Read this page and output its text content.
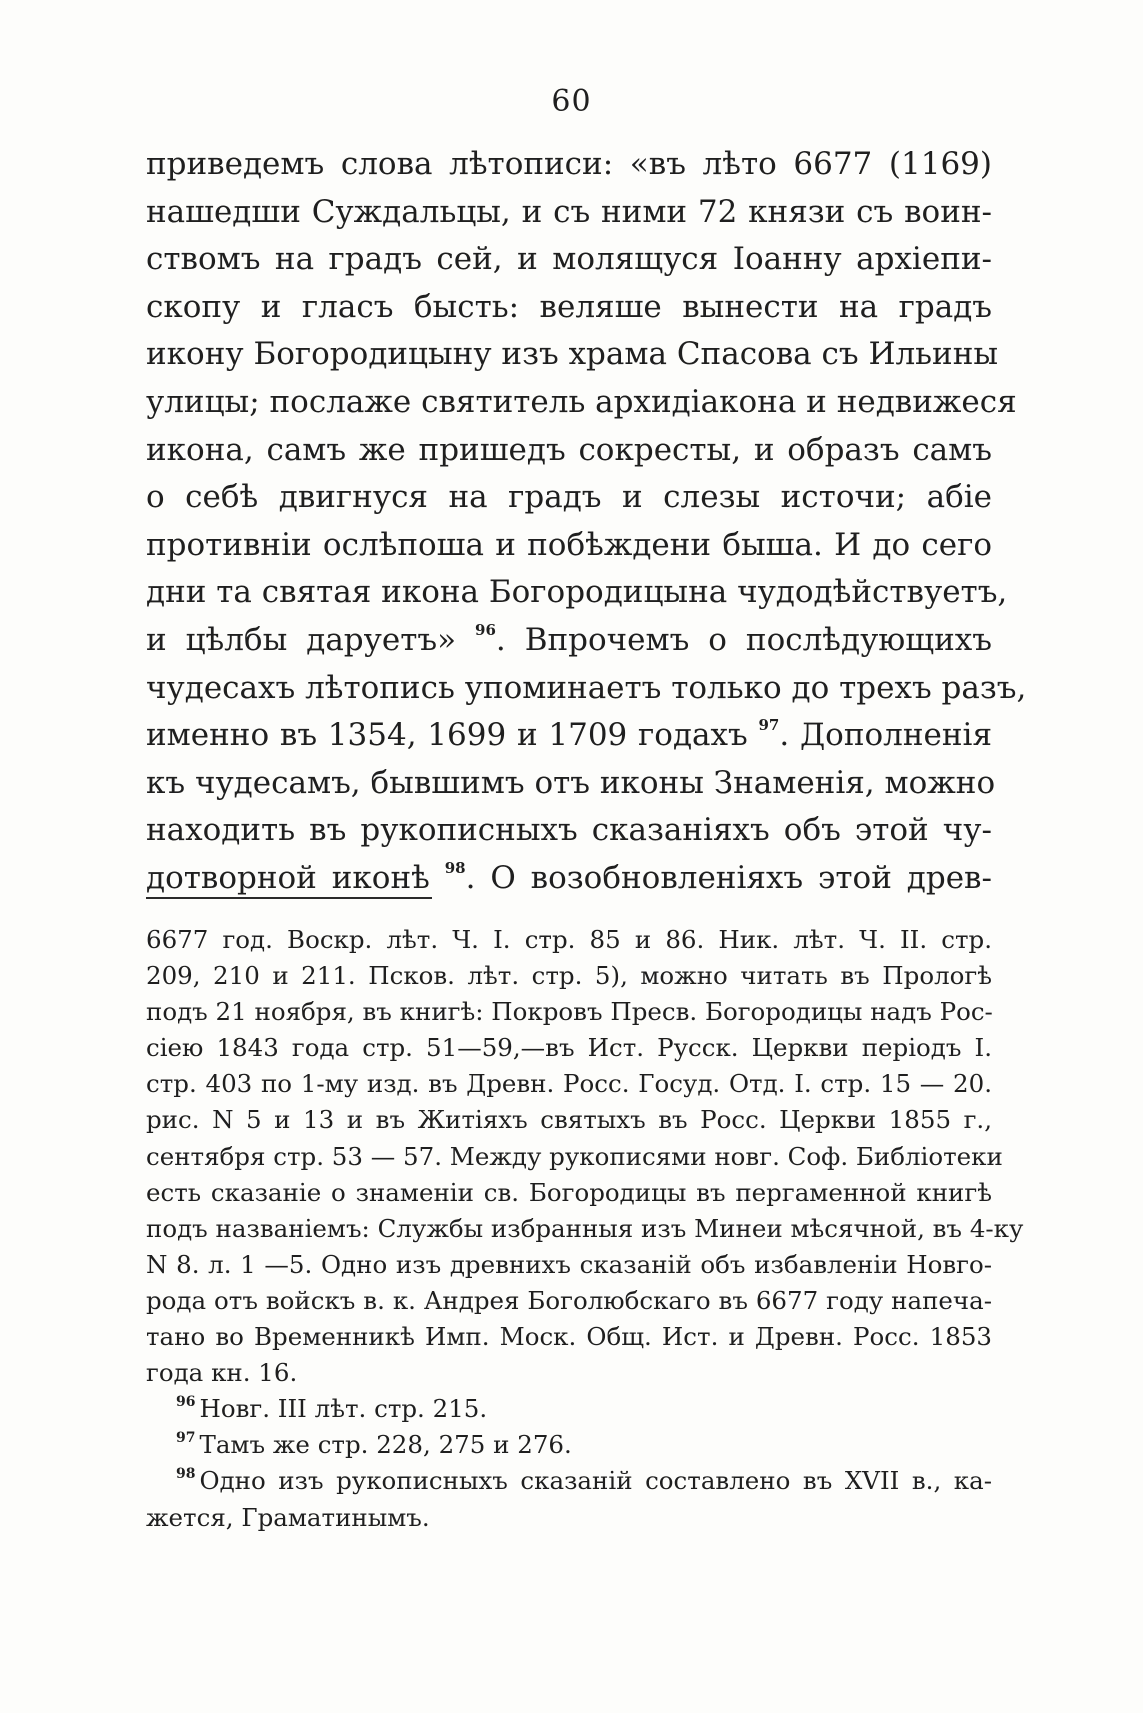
60
приведемъ слова лѣтописи: «въ лѣто 6677 (1169)
нашедши Суждальцы, и съ ними 72 князи съ воин-
ствомъ на градъ сей, и молящуся Іоанну архіепи-
скопу и гласъ бысть: веляше вынести на градъ
икону Богородицыну изъ храма Спасова съ Ильины
улицы; послаже святитель архидіакона и недвижеся
икона, самъ же пришедъ сокресты, и образъ самъ
о себѣ двигнуся на градъ и слезы источи; абіе
противніи ослѣпоша и побѣждени быша. И до сего
дни та святая икона Богородицына чудодѣйствуетъ,
и цѣлбы даруетъ» $^{96}$. Впрочемъ о послѣдующихъ
чудесахъ лѣтопись упоминаетъ только до трехъ разъ,
именно въ 1354, 1699 и 1709 годахъ $^{97}$. Дополненія
къ чудесамъ, бывшимъ отъ иконы Знаменія, можно
находить въ рукописныхъ сказаніяхъ объ этой чу-
дотворной иконѣ $^{98}$. О возобновленіяхъ этой древ-
6677 год. Воскр. лѣт. Ч. I. стр. 85 и 86. Ник. лѣт. Ч. II. стр.
209, 210 и 211. Псков. лѣт. стр. 5), можно читать въ Прологѣ
подъ 21 ноября, въ книгѣ: Покровъ Пресв. Богородицы надъ Рос-
сіею 1843 года стр. 51—59,—въ Ист. Русск. Церкви періодъ I.
стр. 403 по 1-му изд. въ Древн. Росс. Госуд. Отд. I. стр. 15 — 20.
рис. N 5 и 13 и въ Житіяхъ святыхъ въ Росс. Церкви 1855 г.,
сентября стр. 53 — 57. Между рукописями новг. Соф. Библіотеки
есть сказаніе о знаменіи св. Богородицы въ пергаменной книгѣ
подъ названіемъ: Службы избранныя изъ Минеи мѣсячной, въ 4-ку
N 8. л. 1 —5. Одно изъ древнихъ сказаній объ избавленіи Новго-
рода отъ войскъ в. к. Андрея Боголюбскаго въ 6677 году напеча-
тано во Временникѣ Имп. Моск. Общ. Ист. и Древн. Росс. 1853
года кн. 16.
$^{96}$ Новг. III лѣт. стр. 215.
$^{97}$ Тамъ же стр. 228, 275 и 276.
$^{98}$ Одно изъ рукописныхъ сказаній составлено въ XVII в., ка-
жется, Граматинымъ.
